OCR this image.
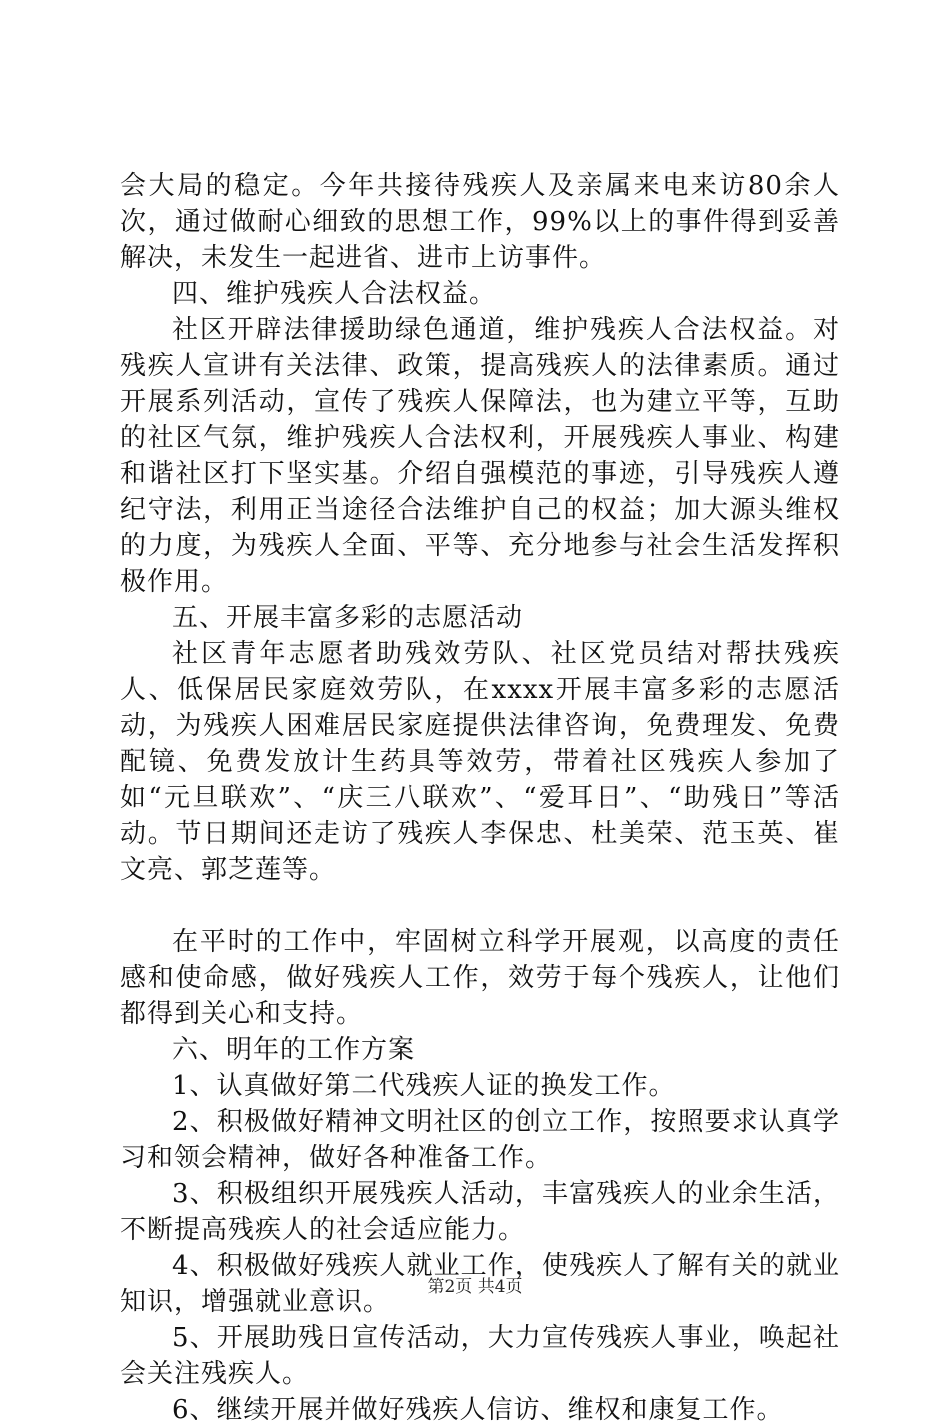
会大局的稳定。今年共接待残疾人及亲属来电来访80余人次，通过做耐心细致的思想工作，99%以上的事件得到妥善解决，未发生一起进省、进市上访事件。

四、维护残疾人合法权益。

社区开辟法律援助绿色通道，维护残疾人合法权益。对残疾人宣讲有关法律、政策，提高残疾人的法律素质。通过开展系列活动，宣传了残疾人保障法，也为建立平等，互助的社区气氛，维护残疾人合法权利，开展残疾人事业、构建和谐社区打下坚实基。介绍自强模范的事迹，引导残疾人遵纪守法，利用正当途径合法维护自己的权益；加大源头维权的力度，为残疾人全面、平等、充分地参与社会生活发挥积极作用。

五、开展丰富多彩的志愿活动

社区青年志愿者助残效劳队、社区党员结对帮扶残疾人、低保居民家庭效劳队，在xxxx开展丰富多彩的志愿活动，为残疾人困难居民家庭提供法律咨询，免费理发、免费配镜、免费发放计生药具等效劳，带着社区残疾人参加了如“元旦联欢”、“庆三八联欢”、“爱耳日”、“助残日”等活动。节日期间还走访了残疾人李保忠、杜美荣、范玉英、崔文亮、郭芝莲等。

在平时的工作中，牢固树立科学开展观，以高度的责任感和使命感，做好残疾人工作，效劳于每个残疾人，让他们都得到关心和支持。

六、明年的工作方案

1、认真做好第二代残疾人证的换发工作。

2、积极做好精神文明社区的创立工作，按照要求认真学习和领会精神，做好各种准备工作。

3、积极组织开展残疾人活动，丰富残疾人的业余生活，不断提高残疾人的社会适应能力。

4、积极做好残疾人就业工作，使残疾人了解有关的就业知识，增强就业意识。

5、开展助残日宣传活动，大力宣传残疾人事业，唤起社会关注残疾人。

6、继续开展并做好残疾人信访、维权和康复工作。

第2页 共4页
